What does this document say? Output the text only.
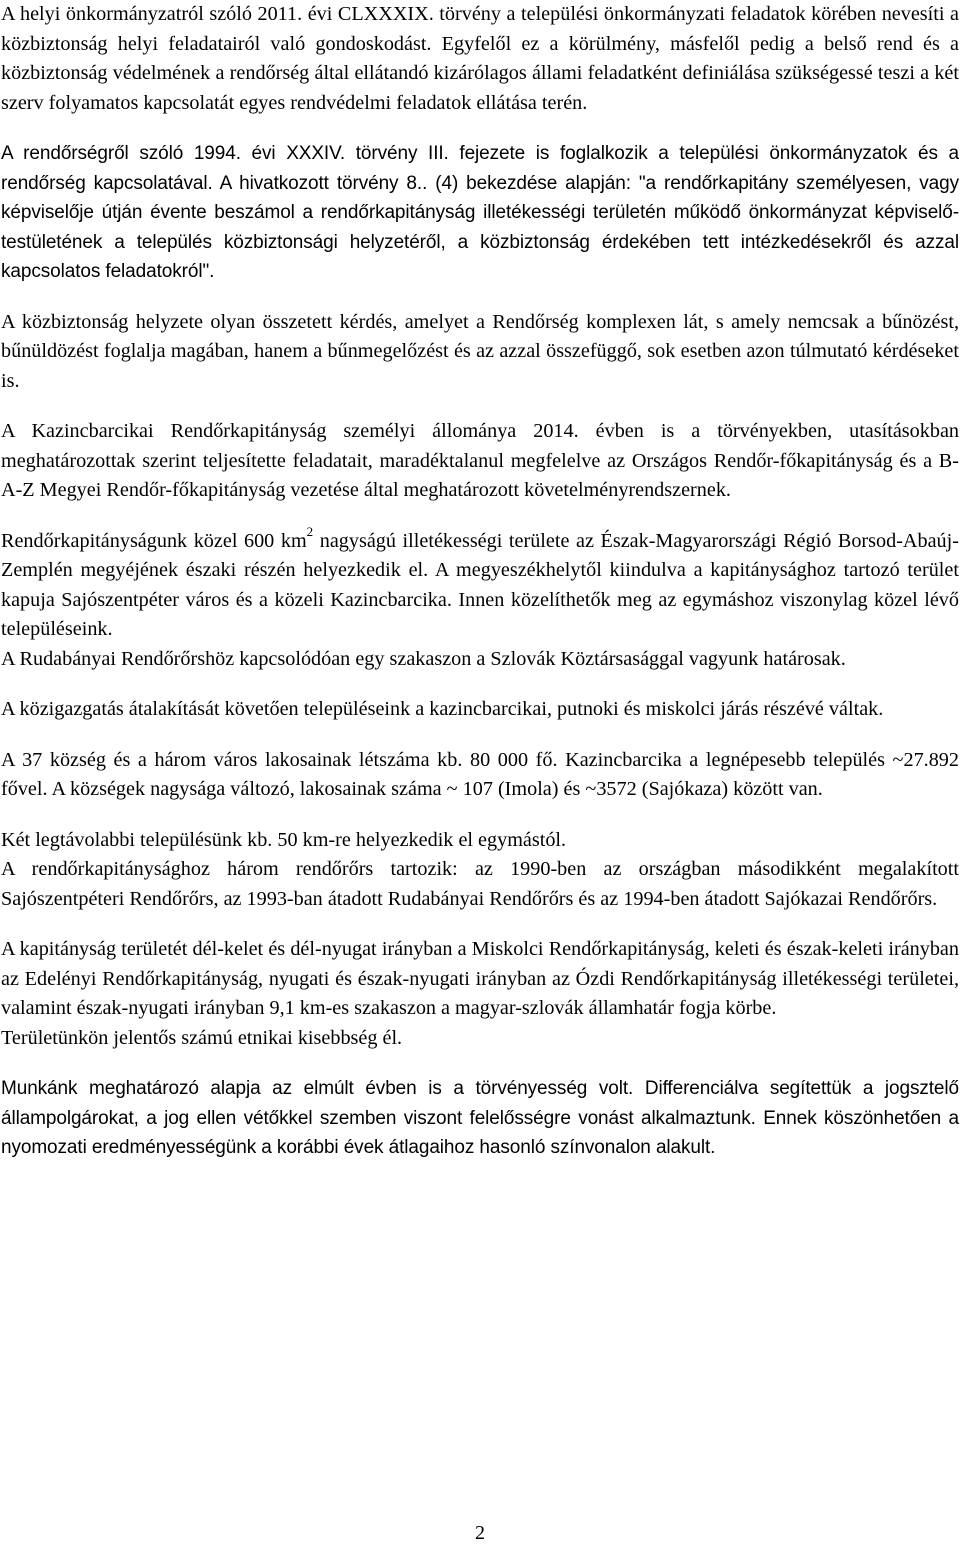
A helyi önkormányzatról szóló 2011. évi CLXXXIX. törvény a települési önkormányzati feladatok körében nevesíti a közbiztonság helyi feladatairól való gondoskodást. Egyfelől ez a körülmény, másfelől pedig a belső rend és a közbiztonság védelmének a rendőrség által ellátandó kizárólagos állami feladatként definiálása szükségessé teszi a két szerv folyamatos kapcsolatát egyes rendvédelmi feladatok ellátása terén.

A rendőrségről szóló 1994. évi XXXIV. törvény III. fejezete is foglalkozik a települési önkormányzatok és a rendőrség kapcsolatával. A hivatkozott törvény 8.. (4) bekezdése alapján: "a rendőrkapitány személyesen, vagy képviselője útján évente beszámol a rendőrkapitányság illetékességi területén működő önkormányzat képviselő-testületének a település közbiztonsági helyzetéről, a közbiztonság érdekében tett intézkedésekről és azzal kapcsolatos feladatokról".

A közbiztonság helyzete olyan összetett kérdés, amelyet a Rendőrség komplexen lát, s amely nemcsak a bűnözést, bűnüldözést foglalja magában, hanem a bűnmegelőzést és az azzal összefüggő, sok esetben azon túlmutató kérdéseket is.

A Kazincbarcikai Rendőrkapitányság személyi állománya 2014. évben is a törvényekben, utasításokban meghatározottak szerint teljesítette feladatait, maradéktalanul megfelelve az Országos Rendőr-főkapitányság és a B-A-Z Megyei Rendőr-főkapitányság vezetése által meghatározott követelményrendszernek.

Rendőrkapitányságunk közel 600 $km^2$ nagyságú illetékességi területe az Észak-Magyarországi Régió Borsod-Abaúj-Zemplén megyéjének északi részén helyezkedik el. A megyeszékhelytől kiindulva a kapitánysághoz tartozó terület kapuja Sajószentpéter város és a közeli Kazincbarcika. Innen közelíthetők meg az egymáshoz viszonylag közel lévő településeink.

A Rudabányai Rendőrőrshöz kapcsolódóan egy szakaszon a Szlovák Köztársasággal vagyunk határosak.

A közigazgatás átalakítását követően településeink a kazincbarcikai, putnoki és miskolci járás részévé váltak.

A 37 község és a három város lakosainak létszáma kb. 80 000 fő. Kazincbarcika a legnépesebb település ~27.892 fővel. A községek nagysága változó, lakosainak száma ~ 107 (Imola) és ~3572 (Sajókaza) között van.

Két legtávolabbi településünk kb. 50 km-re helyezkedik el egymástól.

A rendőrkapitánysághoz három rendőrőrs tartozik: az 1990-ben az országban másodikként megalakított Sajószentpéteri Rendőrőrs, az 1993-ban átadott Rudabányai Rendőrőrs és az 1994-ben átadott Sajókazai Rendőrőrs.

A kapitányság területét dél-kelet és dél-nyugat irányban a Miskolci Rendőrkapitányság, keleti és észak-keleti irányban az Edelényi Rendőrkapitányság, nyugati és észak-nyugati irányban az Ózdi Rendőrkapitányság illetékességi területei, valamint észak-nyugati irányban 9,1 km-es szakaszon a magyar-szlovák államhatár fogja körbe.

Területünkön jelentős számú etnikai kisebbség él.

Munkánk meghatározó alapja az elmúlt évben is a törvényesség volt. Differenciálva segítettük a jogsztelő állampolgárokat, a jog ellen vétőkkel szemben viszont felelősségre vonást alkalmaztunk. Ennek köszönhetően a nyomozati eredményességünk a korábbi évek átlagaihoz hasonló színvonalon alakult.

2
